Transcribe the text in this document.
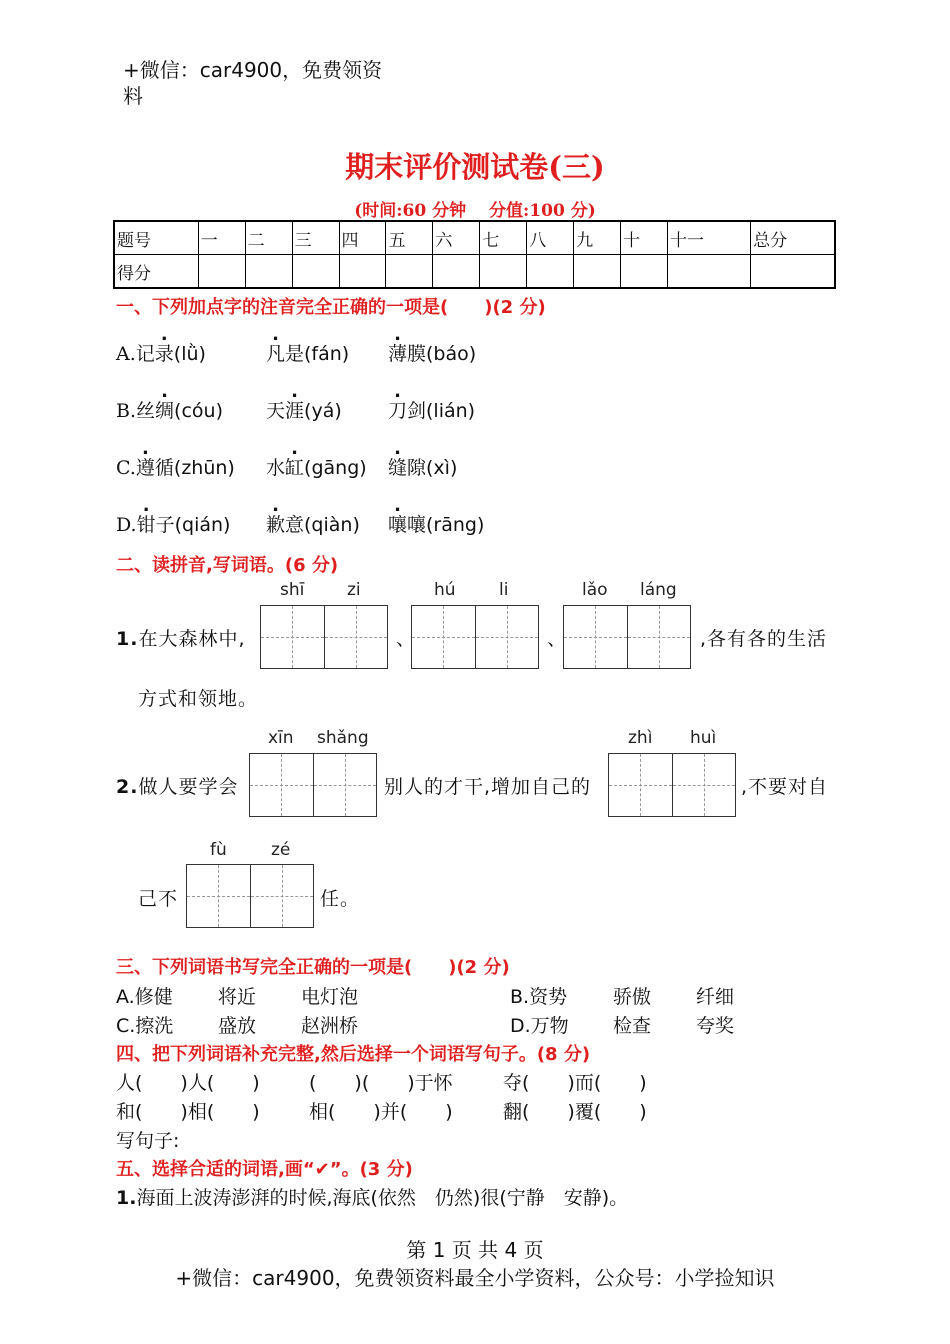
+微信：car4900，免费领资
料
期末评价测试卷(三)
(时间:60 分钟　 分值:100 分)
题号	一	二	三	四	五	六	七	八	九	十	十一	总分
得分												
一、下列加点字的注音完全正确的一项是(　　)(2 分)
A.记录(lǜ)	凡是(fán) 薄膜(báo)
B.丝绸(cóu) 天涯(yá) 刀剑(lián)
C.遵循(zhūn) 水缸(gāng) 缝隙(xì)
D.钳子(qián) 歉意(qiàn) 嚷嚷(rāng)
二、读拼音,写词语。(6 分)
1.在大森林中,
shī	zi
、
hú	li
、
lǎo láng
,各有各的生活
方式和领地。
2.做人要学会
xīn shǎng
别人的才干,增加自己的
zhì huì
,不要对自
己不
fù	zé
任。
三、下列词语书写完全正确的一项是(　　)(2 分)
A.修健 将近 电灯泡	B.资势 骄傲 纤细
C.擦洗 盛放 赵洲桥	D.万物 检查 夸奖
四、把下列词语补充完整,然后选择一个词语写句子。(8 分)
人(　　)人(　　)	(　　)(　　)于怀	夺(　　)而(　　)
和(　　)相(　　)	相(　　)并(　　)	翻(　　)覆(　　)
写句子:
五、选择合适的词语,画“✔”。(3 分)
1.海面上波涛澎湃的时候,海底(依然　仍然)很(宁静　安静)。
第 1 页 共 4 页
+微信：car4900，免费领资料最全小学资料，公众号：小学捡知识
